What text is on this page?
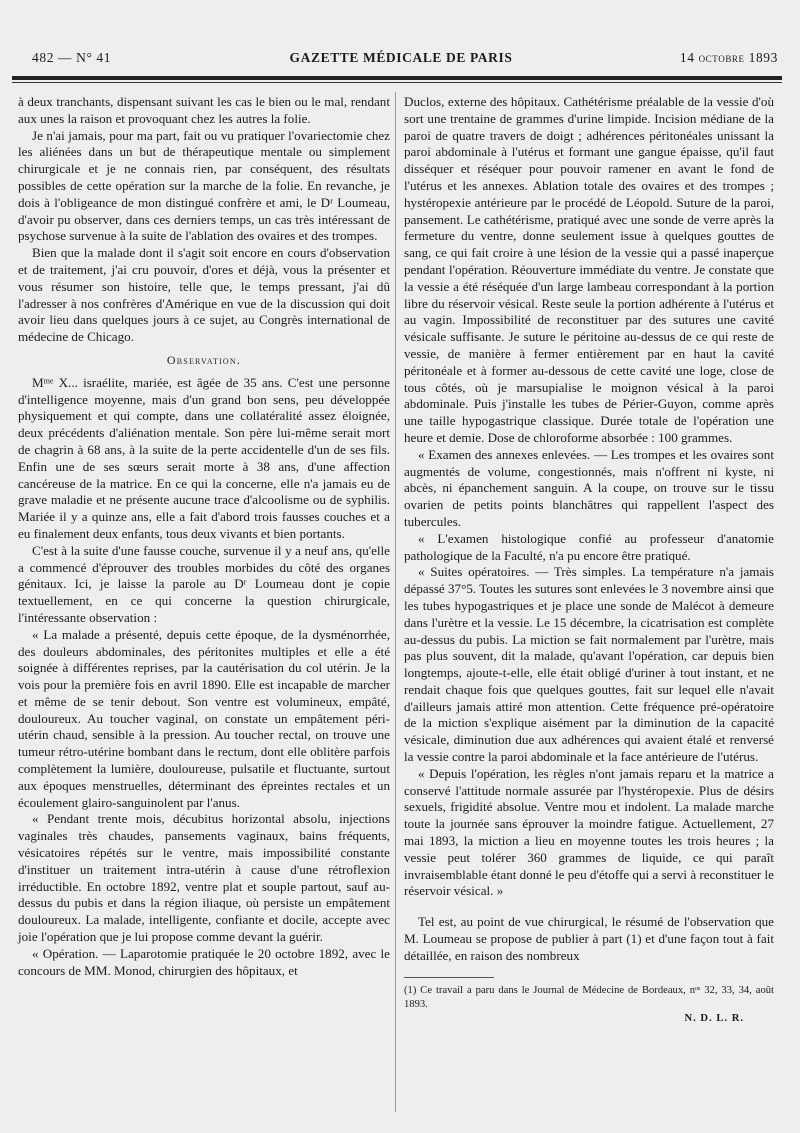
482 — N° 41	GAZETTE MÉDICALE DE PARIS	14 octobre 1893

à deux tranchants, dispensant suivant les cas le bien ou le mal, rendant aux unes la raison et provoquant chez les autres la folie.

Je n'ai jamais, pour ma part, fait ou vu pratiquer l'ovariectomie chez les aliénées dans un but de thérapeutique mentale ou simplement chirurgicale et je ne connais rien, par conséquent, des résultats possibles de cette opération sur la marche de la folie. En revanche, je dois à l'obligeance de mon distingué confrère et ami, le Dʳ Loumeau, d'avoir pu observer, dans ces derniers temps, un cas très intéressant de psychose survenue à la suite de l'ablation des ovaires et des trompes.

Bien que la malade dont il s'agit soit encore en cours d'observation et de traitement, j'ai cru pouvoir, d'ores et déjà, vous la présenter et vous résumer son histoire, telle que, le temps pressant, j'ai dû l'adresser à nos confrères d'Amérique en vue de la discussion qui doit avoir lieu dans quelques jours à ce sujet, au Congrès international de médecine de Chicago.

Observation.

Mᵐᵉ X... israélite, mariée, est âgée de 35 ans. C'est une personne d'intelligence moyenne, mais d'un grand bon sens, peu développée physiquement et qui compte, dans une collatéralité assez éloignée, deux précédents d'aliénation mentale. Son père lui-même serait mort de chagrin à 68 ans, à la suite de la perte accidentelle d'un de ses fils. Enfin une de ses sœurs serait morte à 38 ans, d'une affection cancéreuse de la matrice. En ce qui la concerne, elle n'a jamais eu de grave maladie et ne présente aucune trace d'alcoolisme ou de syphilis. Mariée il y a quinze ans, elle a fait d'abord trois fausses couches et a eu finalement deux enfants, tous deux vivants et bien portants.

C'est à la suite d'une fausse couche, survenue il y a neuf ans, qu'elle a commencé d'éprouver des troubles morbides du côté des organes génitaux. Ici, je laisse la parole au Dʳ Loumeau dont je copie textuellement, en ce qui concerne la question chirurgicale, l'intéressante observation :

« La malade a présenté, depuis cette époque, de la dysménorrhée, des douleurs abdominales, des péritonites multiples et elle a été soignée à différentes reprises, par la cautérisation du col utérin. Je la vois pour la première fois en avril 1890. Elle est incapable de marcher et même de se tenir debout. Son ventre est volumineux, empâté, douloureux. Au toucher vaginal, on constate un empâtement péri-utérin chaud, sensible à la pression. Au toucher rectal, on trouve une tumeur rétro-utérine bombant dans le rectum, dont elle oblitère parfois complètement la lumière, douloureuse, pulsatile et fluctuante, surtout aux époques menstruelles, déterminant des épreintes rectales et un écoulement glairo-sanguinolent par l'anus.

« Pendant trente mois, décubitus horizontal absolu, injections vaginales très chaudes, pansements vaginaux, bains fréquents, vésicatoires répétés sur le ventre, mais impossibilité constante d'instituer un traitement intra-utérin à cause d'une rétroflexion irréductible. En octobre 1892, ventre plat et souple partout, sauf au-dessus du pubis et dans la région iliaque, où persiste un empâtement douloureux. La malade, intelligente, confiante et docile, accepte avec joie l'opération que je lui propose comme devant la guérir.

« Opération. — Laparotomie pratiquée le 20 octobre 1892, avec le concours de MM. Monod, chirurgien des hôpitaux, et

Duclos, externe des hôpitaux. Cathétérisme préalable de la vessie d'où sort une trentaine de grammes d'urine limpide. Incision médiane de la paroi de quatre travers de doigt ; adhérences péritonéales unissant la paroi abdominale à l'utérus et formant une gangue épaisse, qu'il faut disséquer et réséquer pour pouvoir ramener en avant le fond de l'utérus et les annexes. Ablation totale des ovaires et des trompes ; hystéropexie antérieure par le procédé de Léopold. Suture de la paroi, pansement. Le cathétérisme, pratiqué avec une sonde de verre après la fermeture du ventre, donne seulement issue à quelques gouttes de sang, ce qui fait croire à une lésion de la vessie qui a passé inaperçue pendant l'opération. Réouverture immédiate du ventre. Je constate que la vessie a été réséquée d'un large lambeau correspondant à la portion libre du réservoir vésical. Reste seule la portion adhérente à l'utérus et au vagin. Impossibilité de reconstituer par des sutures une cavité vésicale suffisante. Je suture le péritoine au-dessus de ce qui reste de vessie, de manière à fermer entièrement par en haut la cavité péritonéale et à former au-dessous de cette cavité une loge, close de tous côtés, où je marsupialise le moignon vésical à la paroi abdominale. Puis j'installe les tubes de Périer-Guyon, comme après une taille hypogastrique classique. Durée totale de l'opération une heure et demie. Dose de chloroforme absorbée : 100 grammes.

« Examen des annexes enlevées. — Les trompes et les ovaires sont augmentés de volume, congestionnés, mais n'offrent ni kyste, ni abcès, ni épanchement sanguin. A la coupe, on trouve sur le tissu ovarien de petits points blanchâtres qui rappellent l'aspect des tubercules.

« L'examen histologique confié au professeur d'anatomie pathologique de la Faculté, n'a pu encore être pratiqué.

« Suites opératoires. — Très simples. La température n'a jamais dépassé 37°5. Toutes les sutures sont enlevées le 3 novembre ainsi que les tubes hypogastriques et je place une sonde de Malécot à demeure dans l'urètre et la vessie. Le 15 décembre, la cicatrisation est complète au-dessus du pubis. La miction se fait normalement par l'urètre, mais pas plus souvent, dit la malade, qu'avant l'opération, car depuis bien longtemps, ajoute-t-elle, elle était obligé d'uriner à tout instant, et ne rendait chaque fois que quelques gouttes, fait sur lequel elle n'avait d'ailleurs jamais attiré mon attention. Cette fréquence pré-opératoire de la miction s'explique aisément par la diminution de la capacité vésicale, diminution due aux adhérences qui avaient étalé et renversé la vessie contre la paroi abdominale et la face antérieure de l'utérus.

« Depuis l'opération, les règles n'ont jamais reparu et la matrice a conservé l'attitude normale assurée par l'hystéropexie. Plus de désirs sexuels, frigidité absolue. Ventre mou et indolent. La malade marche toute la journée sans éprouver la moindre fatigue. Actuellement, 27 mai 1893, la miction a lieu en moyenne toutes les trois heures ; la vessie peut tolérer 360 grammes de liquide, ce qui paraît invraisemblable étant donné le peu d'étoffe qui a servi à reconstituer le réservoir vésical. »

Tel est, au point de vue chirurgical, le résumé de l'observation que M. Loumeau se propose de publier à part (1) et d'une façon tout à fait détaillée, en raison des nombreux

(1) Ce travail a paru dans le Journal de Médecine de Bordeaux, nᵒˢ 32, 33, 34, août 1893.
N. D. L. R.
